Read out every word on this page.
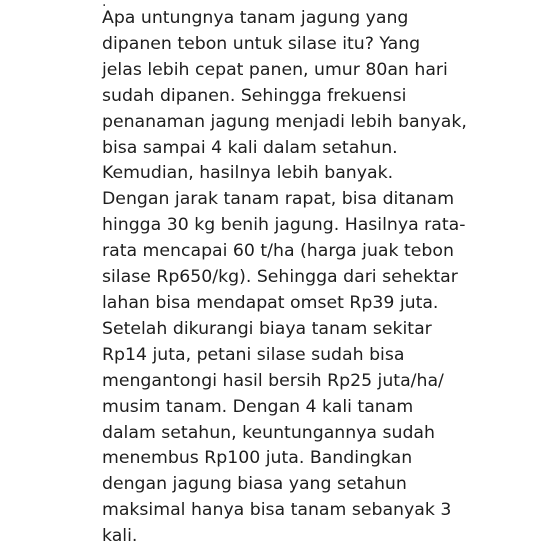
.
Apa untungnya tanam jagung yang
dipanen tebon untuk silase itu? Yang
jelas lebih cepat panen, umur 80an hari
sudah dipanen. Sehingga frekuensi
penanaman jagung menjadi lebih banyak,
bisa sampai 4 kali dalam setahun.
Kemudian, hasilnya lebih banyak.
Dengan jarak tanam rapat, bisa ditanam
hingga 30 kg benih jagung. Hasilnya rata-
rata mencapai 60 t/ha (harga juak tebon
silase Rp650/kg). Sehingga dari sehektar
lahan bisa mendapat omset Rp39 juta.
Setelah dikurangi biaya tanam sekitar
Rp14 juta, petani silase sudah bisa
mengantongi hasil bersih Rp25 juta/ha/
musim tanam. Dengan 4 kali tanam
dalam setahun, keuntungannya sudah
menembus Rp100 juta. Bandingkan
dengan jagung biasa yang setahun
maksimal hanya bisa tanam sebanyak 3
kali.
